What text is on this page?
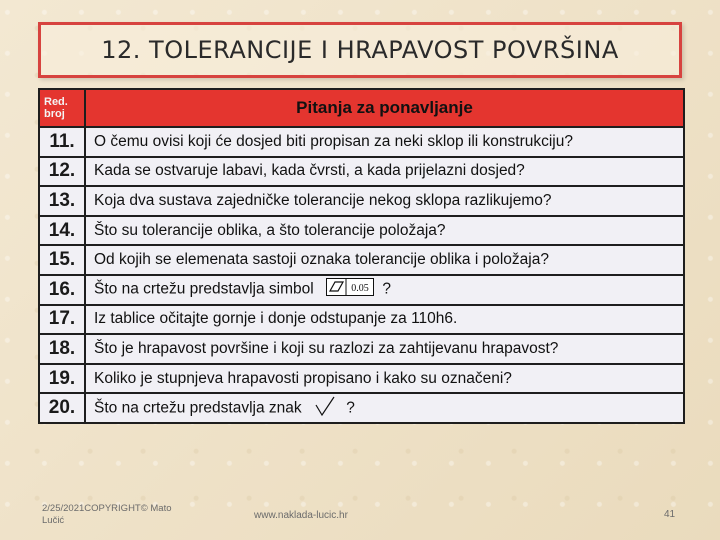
12. TOLERANCIJE I HRAPAVOST POVRŠINA
Red. broj	Pitanja za ponavljanje
11.	O čemu ovisi koji će dosjed biti propisan za neki sklop ili konstrukciju?
12.	Kada se ostvaruje labavi, kada čvrsti, a kada prijelazni dosjed?
13.	Koja dva sustava zajedničke tolerancije nekog sklopa razlikujemo?
14.	Što su tolerancije oblika, a što tolerancije položaja?
15.	Od kojih se elemenata sastoji oznaka tolerancije oblika i položaja?
16.	Što na crtežu predstavlja simbol 0.05 ?
17.	Iz tablice očitajte gornje i donje odstupanje za 110h6.
18.	Što je hrapavost površine i koji su razlozi za zahtijevanu hrapavost?
19.	Koliko je stupnjeva hrapavosti propisano i kako su označeni?
20.	Što na crtežu predstavlja znak ?
2/25/2021COPYRIGHT© Mato Lučić	www.naklada-lucic.hr	41
